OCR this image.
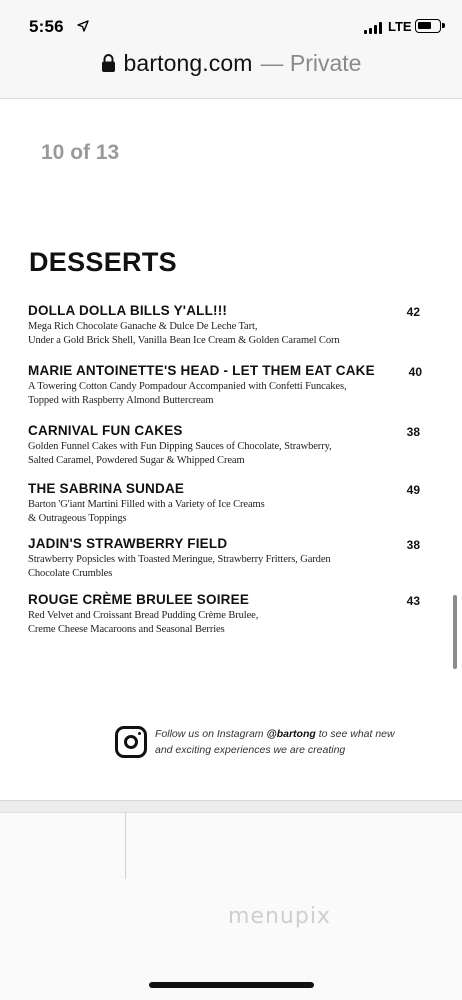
5:56	LTE
bartong.com — Private
10 of 13
DESSERTS
DOLLA DOLLA BILLS Y'ALL!!!	42
Mega Rich Chocolate Ganache & Dulce De Leche Tart,
Under a Gold Brick Shell, Vanilla Bean Ice Cream & Golden Caramel Corn
MARIE ANTOINETTE'S HEAD - LET THEM EAT CAKE	40
A Towering Cotton Candy Pompadour Accompanied with Confetti Funcakes,
Topped with Raspberry Almond Buttercream
CARNIVAL FUN CAKES	38
Golden Funnel Cakes with Fun Dipping Sauces of Chocolate, Strawberry,
Salted Caramel, Powdered Sugar & Whipped Cream
THE SABRINA SUNDAE	49
Barton 'G'iant Martini Filled with a Variety of Ice Creams
& Outrageous Toppings
JADIN'S STRAWBERRY FIELD	38
Strawberry Popsicles with Toasted Meringue, Strawberry Fritters, Garden
Chocolate Crumbles
ROUGE CRÈME BRULEE SOIREE	43
Red Velvet and Croissant Bread Pudding Crème Brulee,
Creme Cheese Macaroons and Seasonal Berries
Follow us on Instagram @bartong to see what new
and exciting experiences we are creating
menupix
